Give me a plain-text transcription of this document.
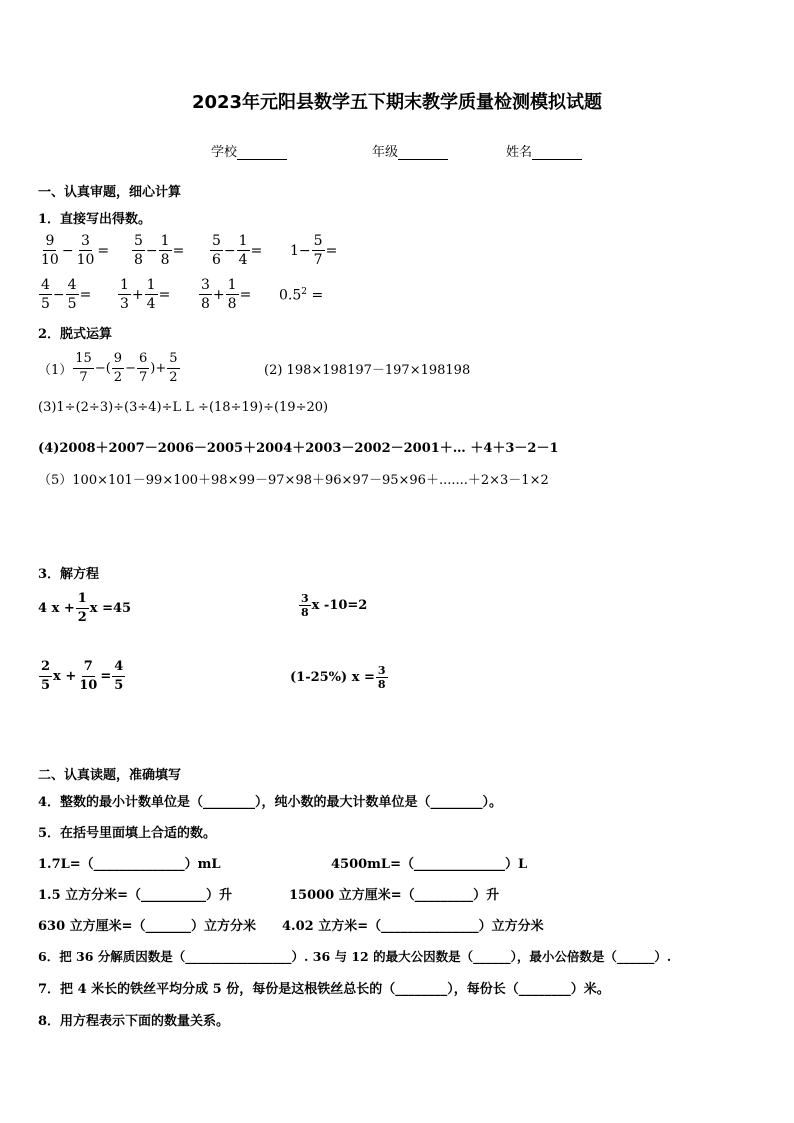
2023年元阳县数学五下期末教学质量检测模拟试题
学校	年级	姓名
一、认真审题，细心计算
1．直接写出得数。
$\frac{9}{10} - \frac{3}{10} = \frac{5}{8} - \frac{1}{8} = \frac{5}{6} - \frac{1}{4} = 1- \frac{5}{7}$ =
$\frac{4}{5} - \frac{4}{5} = \frac{1}{3} + \frac{1}{4} = \frac{3}{8} + \frac{1}{8} = 0.5^2$ =
2．脱式运算
$(1) \frac{15}{7}$ −( $\frac{9}{2} - \frac{6}{7}$ )+ $\frac{5}{2}$	(2) 198×198197－197×198198
(3)1÷(2÷3)÷(3÷4)÷L L ÷(18÷19)÷(19÷20)
(4)2008＋2007－2006－2005＋2004＋2003－2002－2001＋… ＋4＋3－2－1
（5）100×101－99×100＋98×99－97×98＋96×97－95×96＋.......＋2×3－1×2
3．解方程
4 $x + \frac{1}{2}$ x =45	$\frac{3}{8}$ x -10=2
$\frac{2}{5}$ $x + \frac{7}{10} = \frac{4}{5}$	(1-25%) $x = \frac{3}{8}$
二、认真读题，准确填写
4．整数的最小计数单位是（________），纯小数的最大计数单位是（________）。
5．在括号里面填上合适的数。
1.7L=（______________）mL	4500mL=（______________）L
1.5 立方分米=（__________）升	15000 立方厘米=（_________）升
630 立方厘米=（_______）立方分米 4.02 立方米=（_______________）立方分米
6．把 36 分解质因数是（_________________）. 36 与 12 的最大公因数是（______），最小公倍数是（______）.
7．把 4 米长的铁丝平均分成 5 份，每份是这根铁丝总长的（________），每份长（________）米。
8．用方程表示下面的数量关系。
